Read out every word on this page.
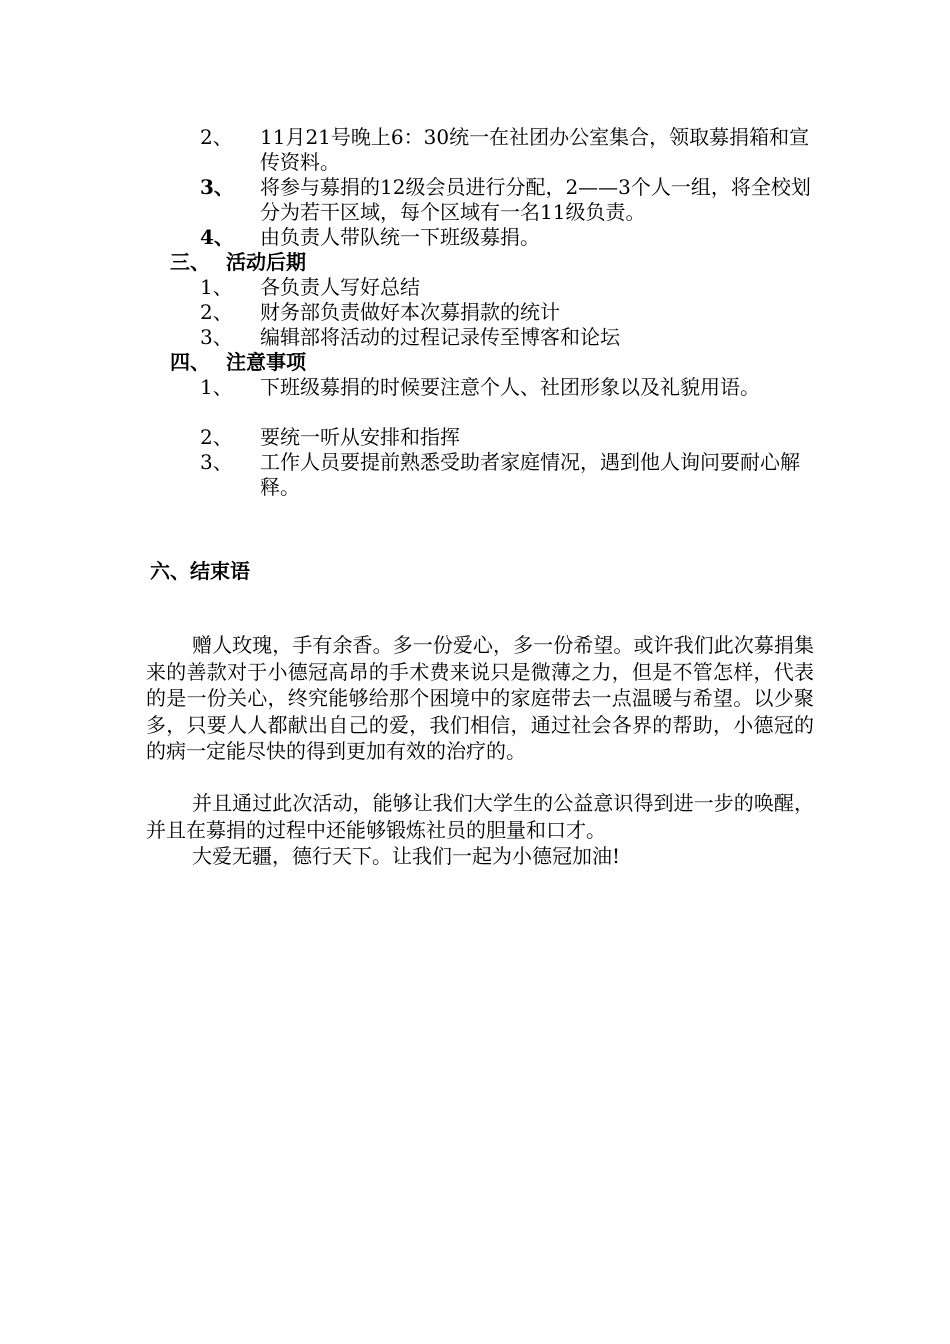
2、 11月21号晚上6：30统一在社团办公室集合，领取募捐箱和宣传资料。
3、 将参与募捐的12级会员进行分配，2——3个人一组，将全校划分为若干区域，每个区域有一名11级负责。
4、 由负责人带队统一下班级募捐。
三、 活动后期
1、 各负责人写好总结
2、 财务部负责做好本次募捐款的统计
3、 编辑部将活动的过程记录传至博客和论坛
四、 注意事项
1、 下班级募捐的时候要注意个人、社团形象以及礼貌用语。
2、 要统一听从安排和指挥
3、 工作人员要提前熟悉受助者家庭情况，遇到他人询问要耐心解释。
六、结束语
赠人玫瑰，手有余香。多一份爱心，多一份希望。或许我们此次募捐集来的善款对于小德冠高昂的手术费来说只是微薄之力，但是不管怎样，代表的是一份关心，终究能够给那个困境中的家庭带去一点温暖与希望。以少聚多，只要人人都献出自己的爱，我们相信，通过社会各界的帮助，小德冠的的病一定能尽快的得到更加有效的治疗的。
并且通过此次活动，能够让我们大学生的公益意识得到进一步的唤醒，并且在募捐的过程中还能够锻炼社员的胆量和口才。
大爱无疆，德行天下。让我们一起为小德冠加油!
